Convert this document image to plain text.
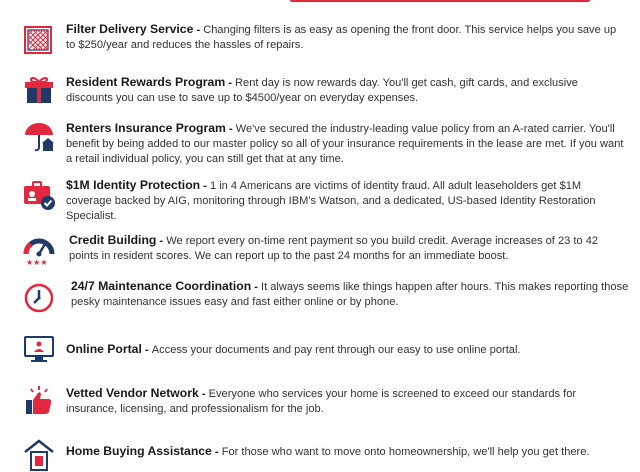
Filter Delivery Service - Changing filters is as easy as opening the front door. This service helps you save up to $250/year and reduces the hassles of repairs.
Resident Rewards Program - Rent day is now rewards day. You'll get cash, gift cards, and exclusive discounts you can use to save up to $4500/year on everyday expenses.
Renters Insurance Program - We've secured the industry-leading value policy from an A-rated carrier. You'll benefit by being added to our master policy so all of your insurance requirements in the lease are met. If you want a retail individual policy, you can still get that at any time.
$1M Identity Protection - 1 in 4 Americans are victims of identity fraud. All adult leaseholders get $1M coverage backed by AIG, monitoring through IBM's Watson, and a dedicated, US-based Identity Restoration Specialist.
★★★
Credit Building - We report every on-time rent payment so you build credit. Average increases of 23 to 42 points in resident scores. We can report up to the past 24 months for an immediate boost.
24/7 Maintenance Coordination - It always seems like things happen after hours. This makes reporting those pesky maintenance issues easy and fast either online or by phone.
Online Portal - Access your documents and pay rent through our easy to use online portal.
Vetted Vendor Network - Everyone who services your home is screened to exceed our standards for insurance, licensing, and professionalism for the job.
Home Buying Assistance - For those who want to move onto homeownership, we'll help you get there.
